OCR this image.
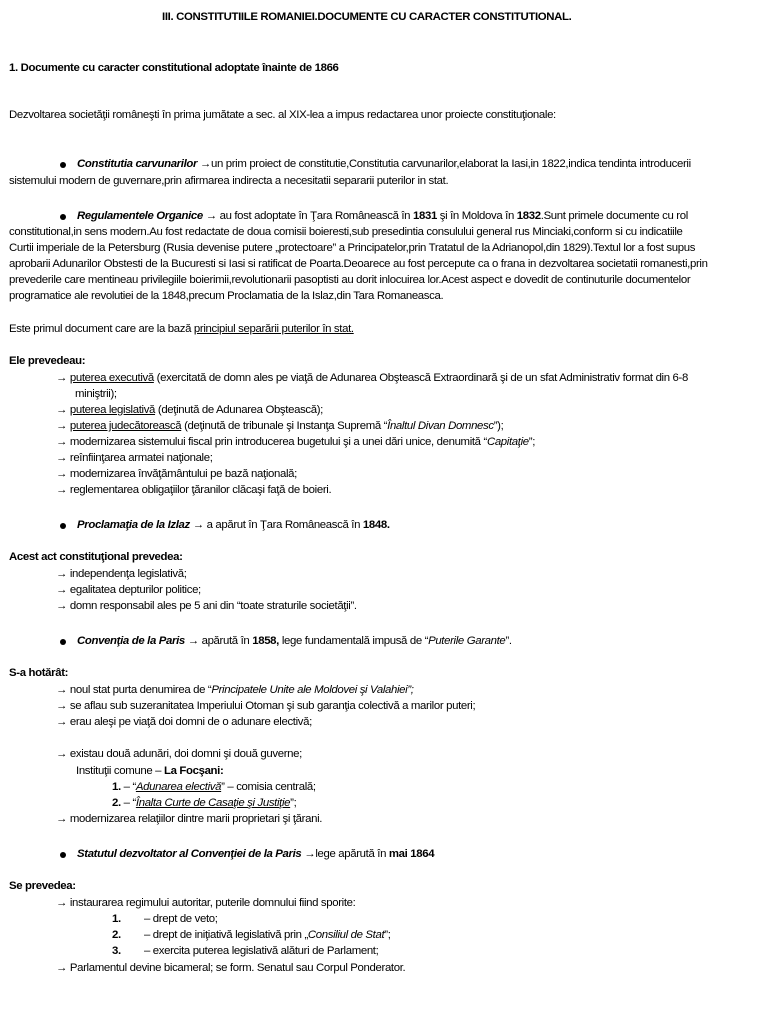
III. CONSTITUTIILE ROMANIEI.DOCUMENTE CU CARACTER CONSTITUTIONAL.
1. Documente cu caracter constitutional adoptate înainte de 1866
Dezvoltarea societăţii româneşti în prima jumătate a sec. al XIX-lea a impus redactarea unor proiecte constituţionale:
Constitutia carvunarilor →un prim proiect de constitutie,Constitutia carvunarilor,elaborat la Iasi,in 1822,indica tendinta introducerii
sistemului modern de guvernare,prin afirmarea indirecta a necesitatii separarii puterilor in stat.
Regulamentele Organice → au fost adoptate în Ţara Românească în 1831 şi în Moldova în 1832.Sunt primele documente cu rol
constitutional,in sens modern.Au fost redactate de doua comisii boieresti,sub presedintia consulului general rus Minciaki,conform si cu indicatiile
Curtii imperiale de la Petersburg (Rusia devenise putere „protectoare” a Principatelor,prin Tratatul de la Adrianopol,din 1829).Textul lor a fost supus
aprobarii Adunarilor Obstesti de la Bucuresti si Iasi si ratificat de Poarta.Deoarece au fost percepute ca o frana in dezvoltarea societatii romanesti,prin
prevederile care mentineau privilegiile boierimii,revolutionarii pasoptisti au dorit inlocuirea lor.Acest aspect e dovedit de continuturile documentelor
programatice ale revolutiei de la 1848,precum Proclamatia de la Islaz,din Tara Romaneasca.
Este primul document care are la bază principiul separării puterilor în stat.
Ele prevedeau:
→ puterea executivă (exercitată de domn ales pe viaţă de Adunarea Obştească Extraordinară şi de un sfat Administrativ format din 6-8
miniştrii);
→ puterea legislativă (deţinută de Adunarea Obştească);
→ puterea judecătorească (deţinută de tribunale şi Instanţa Supremă “Înaltul Divan Domnesc”);
→ modernizarea sistemului fiscal prin introducerea bugetului şi a unei dări unice, denumită “Capitaţie”;
→ reînfiinţarea armatei naţionale;
→ modernizarea învăţământului pe bază naţională;
→ reglementarea obligaţiilor ţăranilor clăcaşi faţă de boieri.
Proclamaţia de la Izlaz → a apărut în Ţara Românească în 1848.
Acest act constituţional prevedea:
→ independenţa legislativă;
→ egalitatea depturilor politice;
→ domn responsabil ales pe 5 ani din “toate straturile societăţii”.
Convenţia de la Paris → apărută în 1858, lege fundamentală impusă de “Puterile Garante”.
S-a hotărât:
→ noul stat purta denumirea de “Principatele Unite ale Moldovei şi Valahiei”;
→ se aflau sub suzeranitatea Imperiului Otoman şi sub garanţia colectivă a marilor puteri;
→ erau aleşi pe viaţă doi domni de o adunare electivă;
→ existau două adunări, doi domni şi două guverne;
Instituţii comune – La Focşani:
1. – “Adunarea electivă” – comisia centrală;
2. – “Înalta Curte de Casaţie şi Justiţie”;
→ modernizarea relaţiilor dintre marii proprietari şi ţărani.
Statutul dezvoltator al Convenţiei de la Paris →lege apărută în mai 1864
Se prevedea:
→ instaurarea regimului autoritar, puterile domnului fiind sporite:
1. – drept de veto;
2. – drept de iniţiativă legislativă prin „Consiliul de Stat”;
3. – exercita puterea legislativă alături de Parlament;
→ Parlamentul devine bicameral; se form. Senatul sau Corpul Ponderator.
